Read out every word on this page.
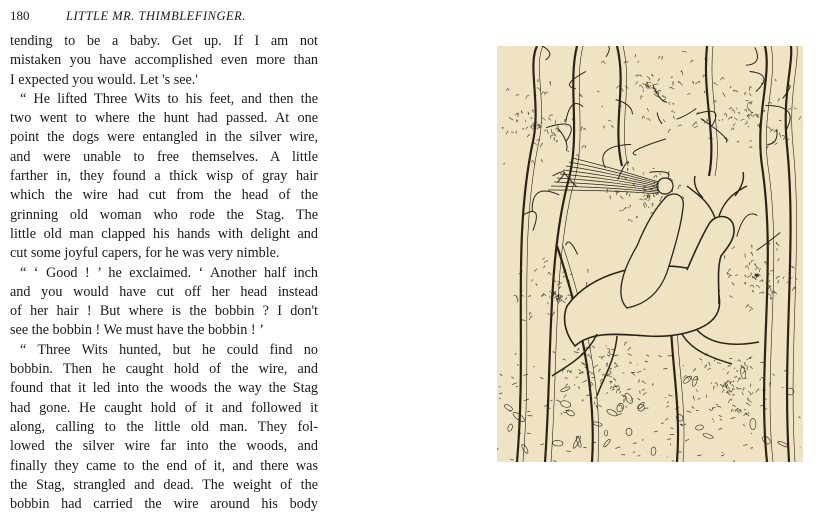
180	LITTLE MR. THIMBLEFINGER.
tending to be a baby. Get up. If I am not
mistaken you have accomplished even more than
I expected you would. Let 's see.'
“ He lifted Three Wits to his feet, and then the
two went to where the hunt had passed. At one
point the dogs were entangled in the silver wire,
and were unable to free themselves. A little
farther in, they found a thick wisp of gray hair
which the wire had cut from the head of the
grinning old woman who rode the Stag. The
little old man clapped his hands with delight and
cut some joyful capers, for he was very nimble.
“ ‘ Good ! ’ he exclaimed. ‘ Another half inch
and you would have cut off her head instead
of her hair ! But where is the bobbin ? I don't
see the bobbin ! We must have the bobbin ! ’
“ Three Wits hunted, but he could find no
bobbin. Then he caught hold of the wire, and
found that it led into the woods the way the Stag
had gone. He caught hold of it and followed it
along, calling to the little old man. They fol-
lowed the silver wire far into the woods, and
finally they came to the end of it, and there was
the Stag, strangled and dead. The weight of the
bobbin had carried the wire around his body
